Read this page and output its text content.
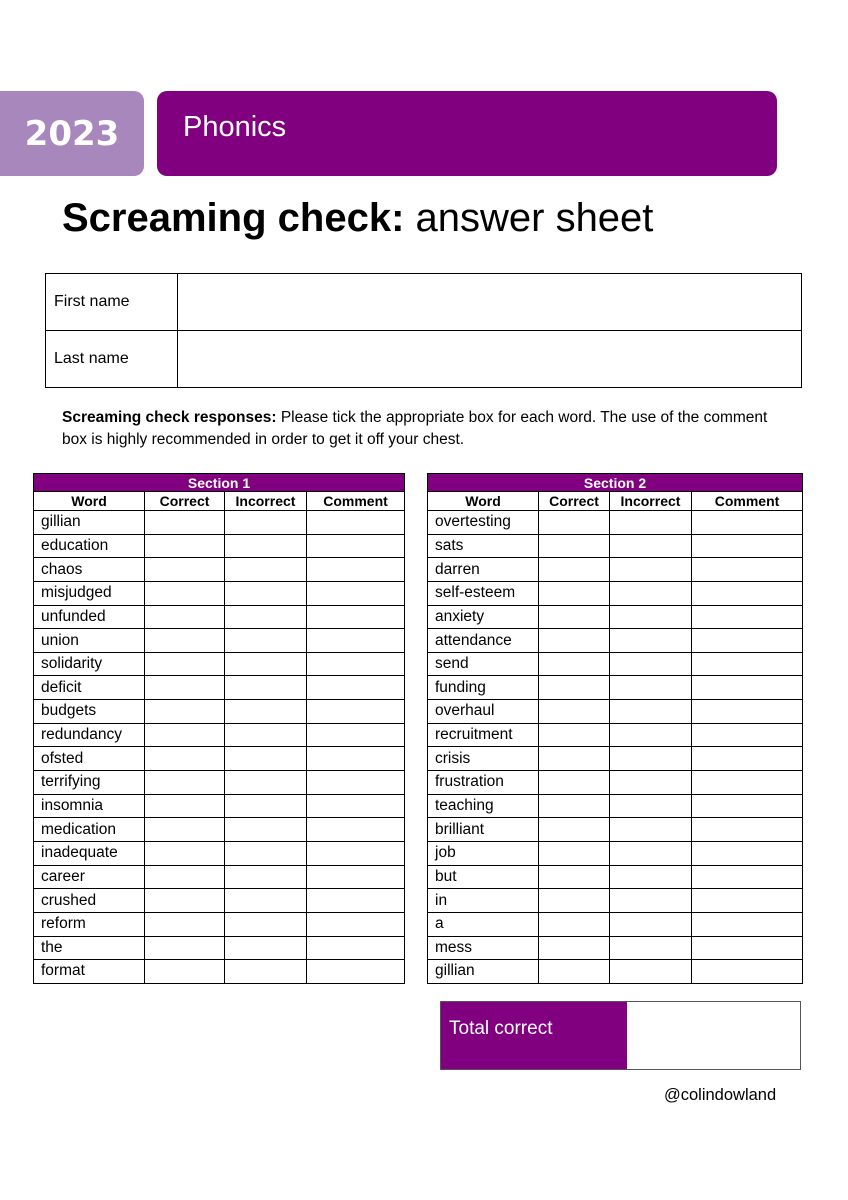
2023 Phonics
Screaming check: answer sheet
First name	
Last name	
Screaming check responses: Please tick the appropriate box for each word. The use of the comment box is highly recommended in order to get it off your chest.
Section 1			
Word	Correct	Incorrect	Comment
gillian			
education			
chaos			
misjudged			
unfunded			
union			
solidarity			
deficit			
budgets			
redundancy			
ofsted			
terrifying			
insomnia			
medication			
inadequate			
career			
crushed			
reform			
the			
format			
Section 2			
Word	Correct	Incorrect	Comment
overtesting			
sats			
darren			
self-esteem			
anxiety			
attendance			
send			
funding			
overhaul			
recruitment			
crisis			
frustration			
teaching			
brilliant			
job			
but			
in			
a			
mess			
gillian			
Total correct
@colindowland
